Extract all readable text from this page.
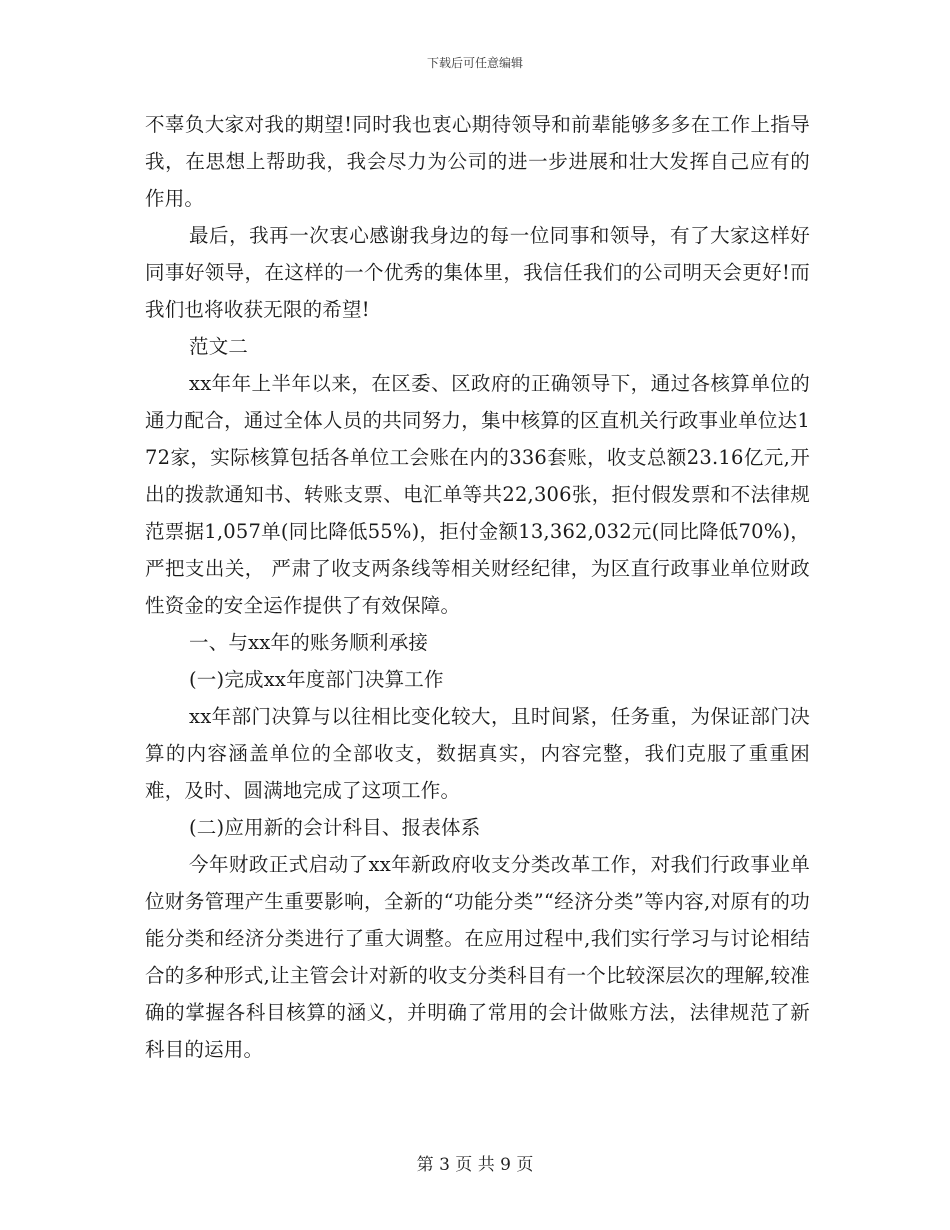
下载后可任意编辑

不辜负大家对我的期望!同时我也衷心期待领导和前辈能够多多在工作上指导我，在思想上帮助我，我会尽力为公司的进一步进展和壮大发挥自己应有的作用。

最后，我再一次衷心感谢我身边的每一位同事和领导，有了大家这样好同事好领导，在这样的一个优秀的集体里，我信任我们的公司明天会更好!而我们也将收获无限的希望!

范文二

xx年年上半年以来，在区委、区政府的正确领导下，通过各核算单位的通力配合，通过全体人员的共同努力，集中核算的区直机关行政事业单位达172家，实际核算包括各单位工会账在内的336套账，收支总额23.16亿元,开出的拨款通知书、转账支票、电汇单等共22,306张，拒付假发票和不法律规范票据1,057单(同比降低55%)，拒付金额13,362,032元(同比降低70%)，严把支出关， 严肃了收支两条线等相关财经纪律，为区直行政事业单位财政性资金的安全运作提供了有效保障。

一、与xx年的账务顺利承接

(一)完成xx年度部门决算工作

xx年部门决算与以往相比变化较大，且时间紧，任务重，为保证部门决算的内容涵盖单位的全部收支，数据真实，内容完整，我们克服了重重困难，及时、圆满地完成了这项工作。

(二)应用新的会计科目、报表体系

今年财政正式启动了xx年新政府收支分类改革工作，对我们行政事业单位财务管理产生重要影响，全新的“功能分类”“经济分类”等内容,对原有的功能分类和经济分类进行了重大调整。在应用过程中,我们实行学习与讨论相结合的多种形式,让主管会计对新的收支分类科目有一个比较深层次的理解,较准确的掌握各科目核算的涵义，并明确了常用的会计做账方法，法律规范了新科目的运用。

第 3 页 共 9 页
